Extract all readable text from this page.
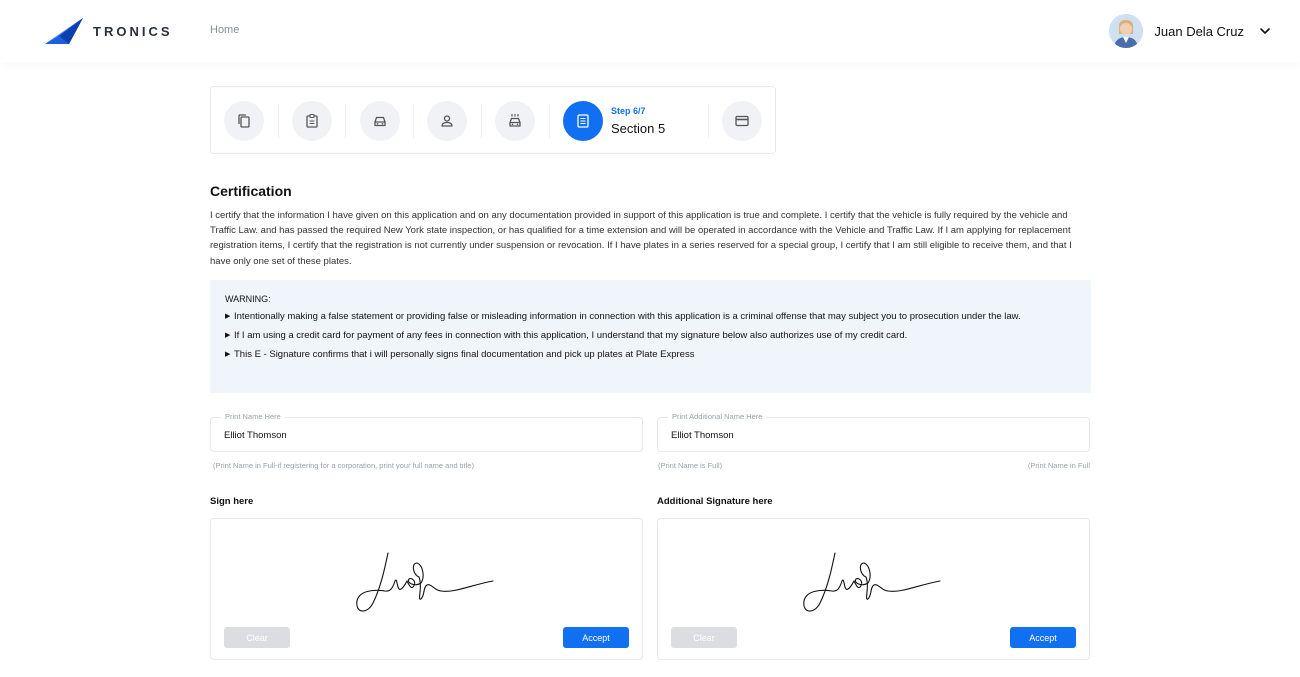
TRONICS	Home	Juan Dela Cruz
Step 6/7
Section 5
Certification

I certify that the information I have given on this application and on any documentation provided in support of this application is true and complete. I certify that the vehicle is fully required by the vehicle and Traffic Law. and has passed the required New York state inspection, or has qualified for a time extension and will be operated in accordance with the Vehicle and Traffic Law. If I am applying for replacement registration items, I certify that the registration is not currently under suspension or revocation. If I have plates in a series reserved for a special group, I certify that I am still eligible to receive them, and that I have only one set of these plates.

WARNING:
▶ Intentionally making a false statement or providing false or misleading information in connection with this application is a criminal offense that may subject you to prosecution under the law.
▶ If I am using a credit card for payment of any fees in connection with this application, I understand that my signature below also authorizes use of my credit card.
▶ This E - Signature confirms that i will personally signs final documentation and pick up plates at Plate Express
Elliot Thomson
Print Name Here
(Print Name in Full-if registering for a corporation, print your full name and title)
Elliot Thomson
Print Additional Name Here
(Print Name is Full)	(Print Name in Full
Sign here
Clear	Accept
Additional Signature here
Clear	Accept
